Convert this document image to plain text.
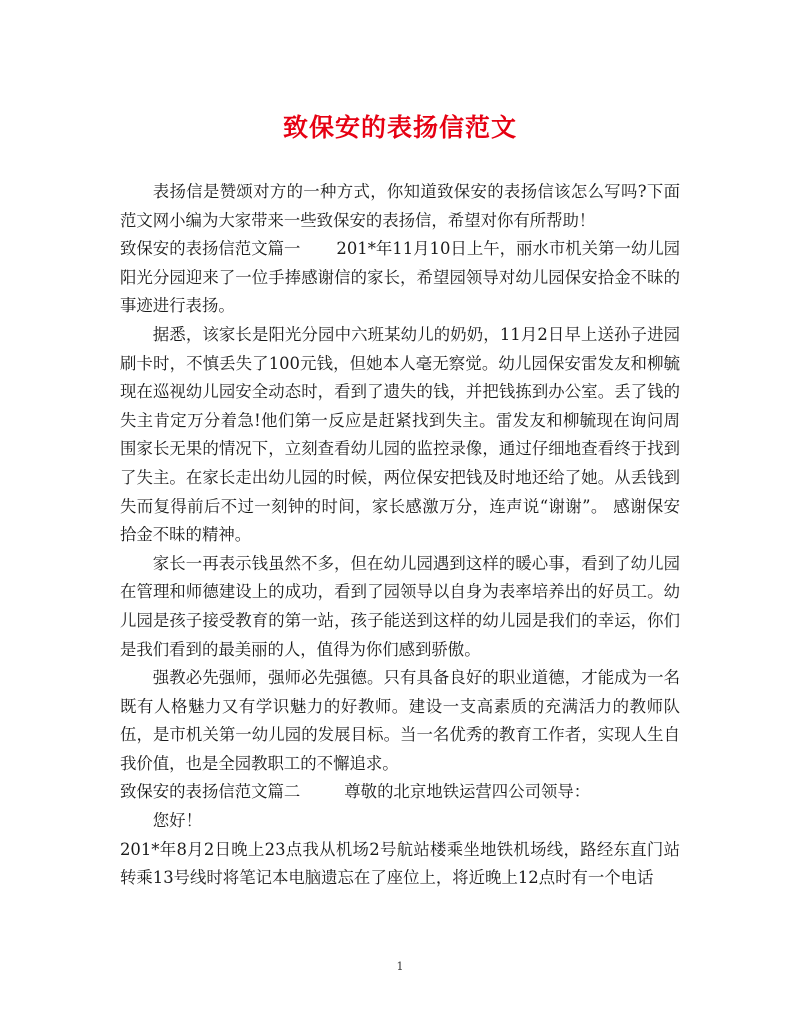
致保安的表扬信范文

表扬信是赞颂对方的一种方式，你知道致保安的表扬信该怎么写吗?下面范文网小编为大家带来一些致保安的表扬信，希望对你有所帮助！

致保安的表扬信范文篇一 201*年11月10日上午，丽水市机关第一幼儿园阳光分园迎来了一位手捧感谢信的家长，希望园领导对幼儿园保安拾金不昧的事迹进行表扬。

据悉，该家长是阳光分园中六班某幼儿的奶奶，11月2日早上送孙子进园刷卡时，不慎丢失了100元钱，但她本人毫无察觉。幼儿园保安雷发友和柳毓现在巡视幼儿园安全动态时，看到了遗失的钱，并把钱拣到办公室。丢了钱的失主肯定万分着急!他们第一反应是赶紧找到失主。雷发友和柳毓现在询问周围家长无果的情况下，立刻查看幼儿园的监控录像，通过仔细地查看终于找到了失主。在家长走出幼儿园的时候，两位保安把钱及时地还给了她。从丢钱到失而复得前后不过一刻钟的时间，家长感激万分，连声说“谢谢”。 感谢保安拾金不昧的精神。

家长一再表示钱虽然不多，但在幼儿园遇到这样的暖心事，看到了幼儿园在管理和师德建设上的成功，看到了园领导以自身为表率培养出的好员工。幼儿园是孩子接受教育的第一站，孩子能送到这样的幼儿园是我们的幸运，你们是我们看到的最美丽的人，值得为你们感到骄傲。

强教必先强师，强师必先强德。只有具备良好的职业道德，才能成为一名既有人格魅力又有学识魅力的好教师。建设一支高素质的充满活力的教师队伍，是市机关第一幼儿园的发展目标。当一名优秀的教育工作者，实现人生自我价值，也是全园教职工的不懈追求。

致保安的表扬信范文篇二	尊敬的北京地铁运营四公司领导：

您好！

201*年8月2日晚上23点我从机场2号航站楼乘坐地铁机场线，路经东直门站转乘13号线时将笔记本电脑遗忘在了座位上，将近晚上12点时有一个电话

1
